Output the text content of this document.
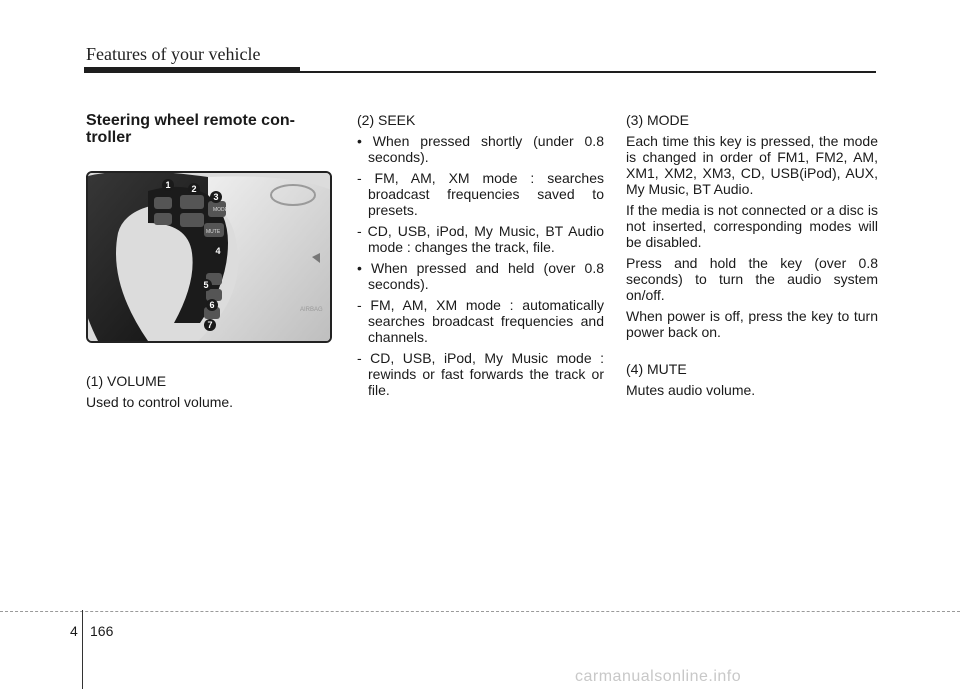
Features of your vehicle

Steering wheel remote con-troller

MODE
MUTE
AIRBAG
1 2
3
4
5
6
7

(1) VOLUME

Used to control volume.

(2) SEEK

• When pressed shortly (under 0.8 seconds).

- FM, AM, XM mode : searches broadcast frequencies saved to presets.

- CD, USB, iPod, My Music, BT Audio mode : changes the track, file.

• When pressed and held (over 0.8 seconds).

- FM, AM, XM mode : automatically searches broadcast frequencies and channels.

- CD, USB, iPod, My Music mode : rewinds or fast forwards the track or file.

(3) MODE

Each time this key is pressed, the mode is changed in order of FM1, FM2, AM, XM1, XM2, XM3, CD, USB(iPod), AUX, My Music, BT Audio.

If the media is not connected or a disc is not inserted, corresponding modes will be disabled.

Press and hold the key (over 0.8 seconds) to turn the audio system on/off.

When power is off, press the key to turn power back on.

(4) MUTE

Mutes audio volume.

4 166
carmanualsonline.info
